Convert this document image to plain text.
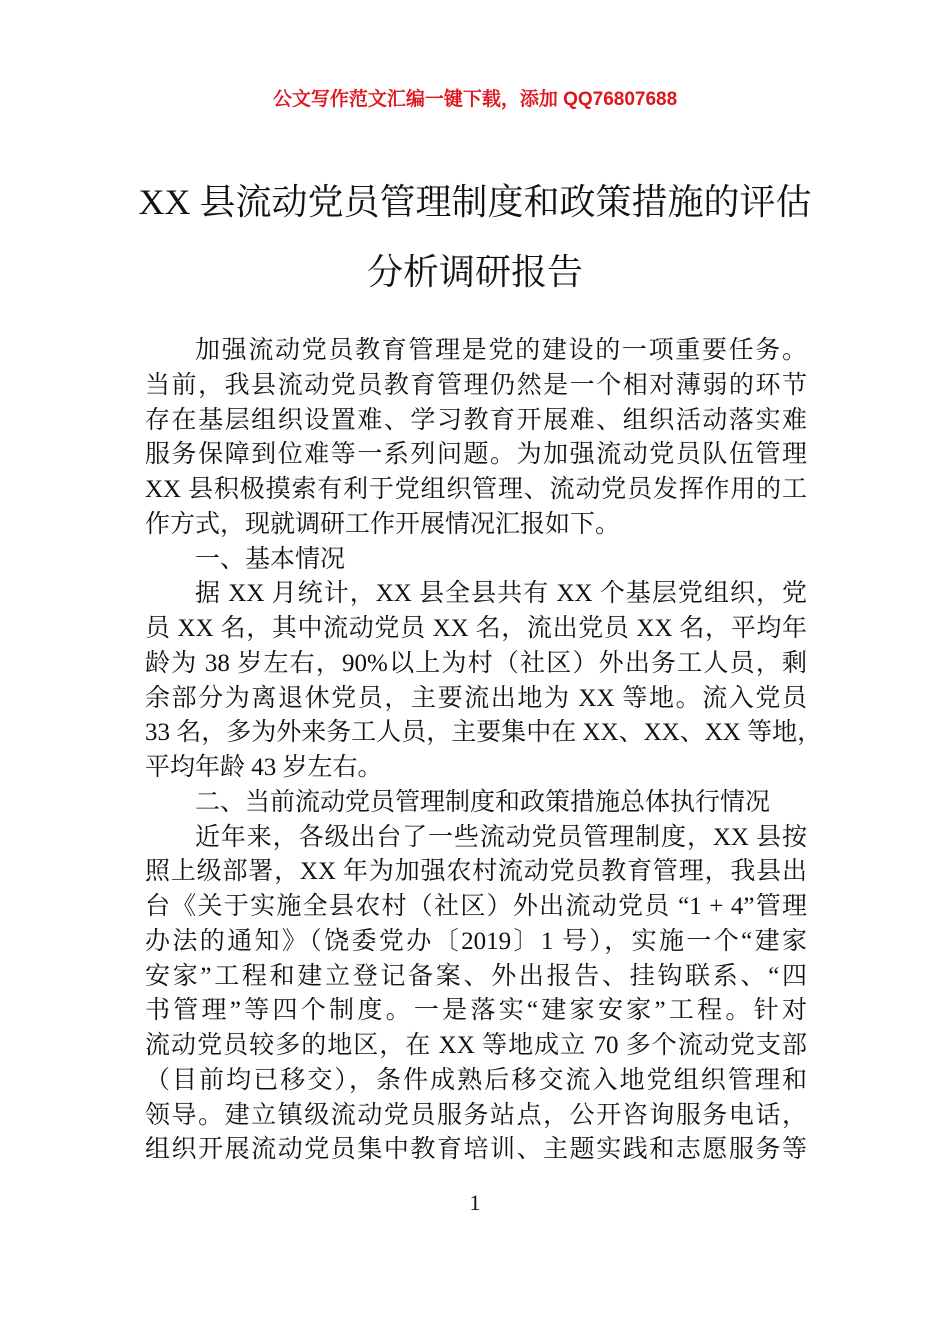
公文写作范文汇编一键下载，添加 QQ76807688
XX 县流动党员管理制度和政策措施的评估
分析调研报告
加强流动党员教育管理是党的建设的一项重要任务。
当前，我县流动党员教育管理仍然是一个相对薄弱的环节
存在基层组织设置难、学习教育开展难、组织活动落实难
服务保障到位难等一系列问题。为加强流动党员队伍管理
XX 县积极摸索有利于党组织管理、流动党员发挥作用的工
作方式，现就调研工作开展情况汇报如下。
一、基本情况
据 XX 月统计，XX 县全县共有 XX 个基层党组织，党
员 XX 名，其中流动党员 XX 名，流出党员 XX 名，平均年
龄为 38 岁左右，90%以上为村（社区）外出务工人员，剩
余部分为离退休党员，主要流出地为 XX 等地。流入党员
33 名，多为外来务工人员，主要集中在 XX、XX、XX 等地，
平均年龄 43 岁左右。
二、当前流动党员管理制度和政策措施总体执行情况
近年来，各级出台了一些流动党员管理制度，XX 县按
照上级部署，XX 年为加强农村流动党员教育管理，我县出
台《关于实施全县农村（社区）外出流动党员 “1 + 4”管理
办法的通知》（饶委党办〔2019〕1 号），实施一个“建家
安家”工程和建立登记备案、外出报告、挂钩联系、“四
书管理”等四个制度。一是落实“建家安家”工程。针对
流动党员较多的地区，在 XX 等地成立 70 多个流动党支部
（目前均已移交），条件成熟后移交流入地党组织管理和
领导。建立镇级流动党员服务站点，公开咨询服务电话，
组织开展流动党员集中教育培训、主题实践和志愿服务等
1
